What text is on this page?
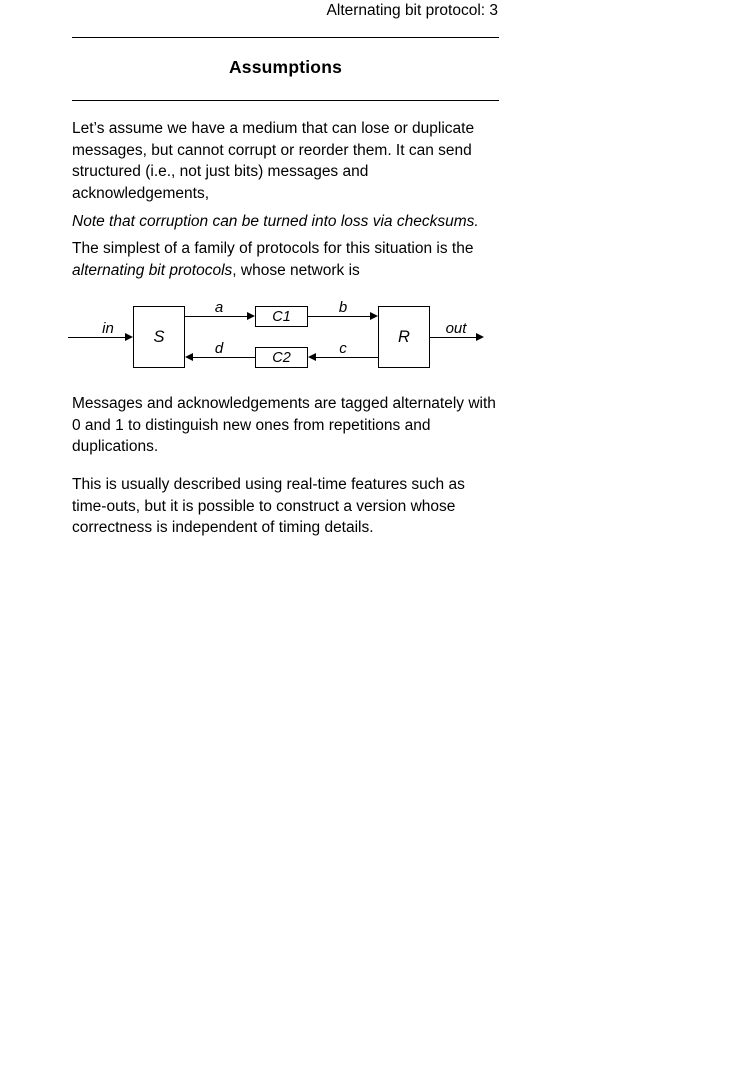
Alternating bit protocol: 3
Assumptions
Let’s assume we have a medium that can lose or duplicate
messages, but cannot corrupt or reorder them. It can send
structured (i.e., not just bits) messages and
acknowledgements,
Note that corruption can be turned into loss via checksums.
The simplest of a family of protocols for this situation is the
alternating bit protocols, whose network is
in S
a
C1
b
R out
c
C2
d
Messages and acknowledgements are tagged alternately with
0 and 1 to distinguish new ones from repetitions and
duplications.
This is usually described using real-time features such as
time-outs, but it is possible to construct a version whose
correctness is independent of timing details.
